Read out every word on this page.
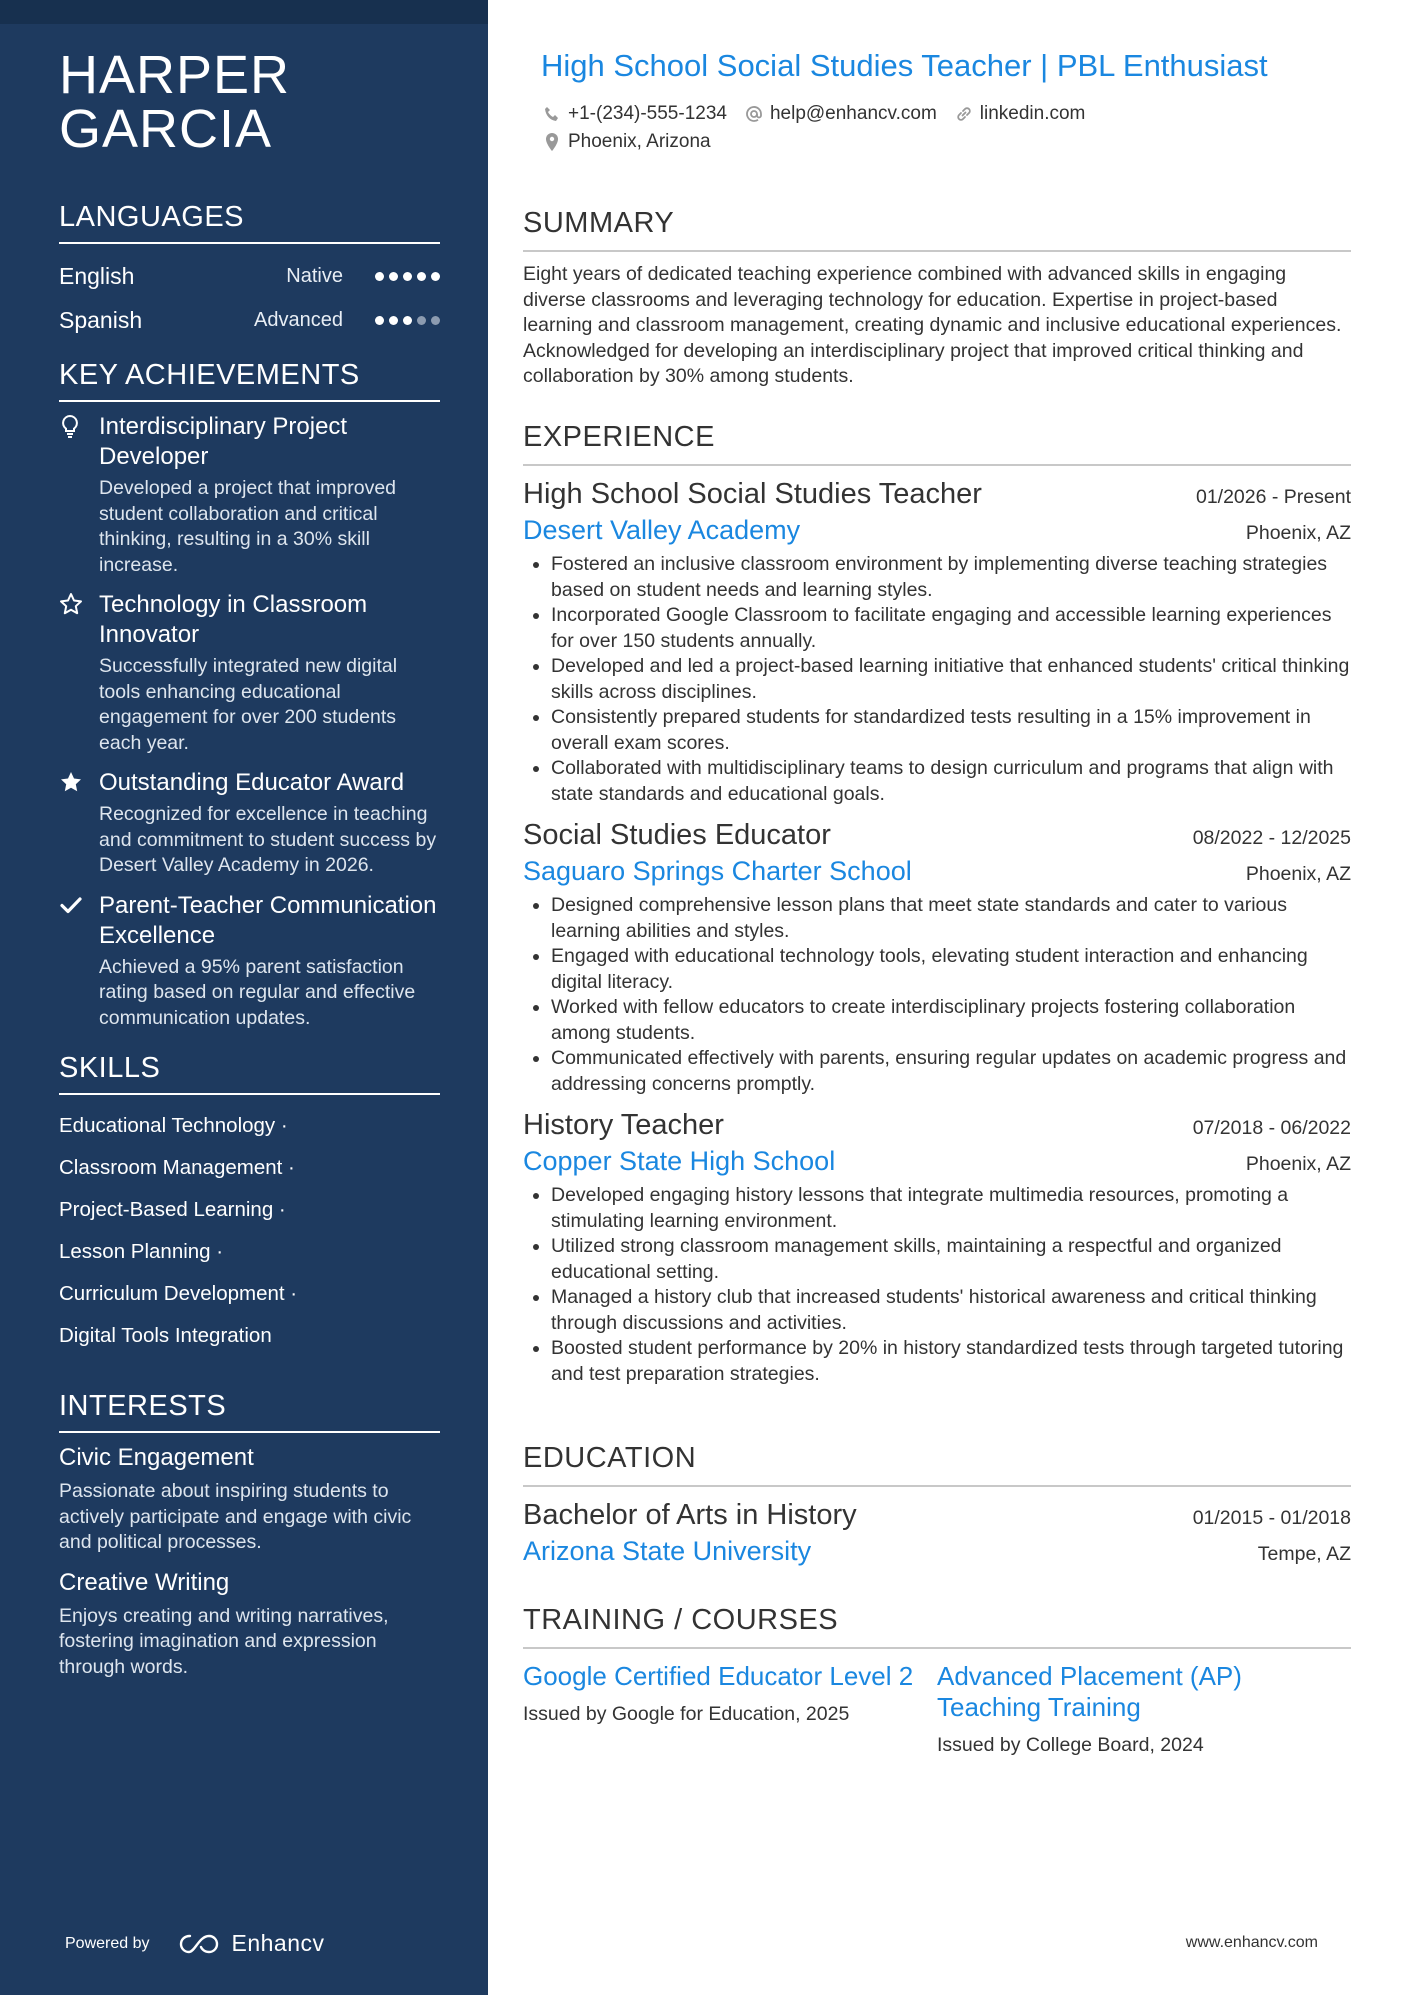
HARPER
GARCIA
LANGUAGES
English	Native
Spanish	Advanced
KEY ACHIEVEMENTS
Interdisciplinary Project Developer
Developed a project that improved student collaboration and critical thinking, resulting in a 30% skill increase.
Technology in Classroom Innovator
Successfully integrated new digital tools enhancing educational engagement for over 200 students each year.
Outstanding Educator Award
Recognized for excellence in teaching and commitment to student success by Desert Valley Academy in 2026.
Parent-Teacher Communication Excellence
Achieved a 95% parent satisfaction rating based on regular and effective communication updates.
SKILLS
Educational Technology ·
Classroom Management ·
Project-Based Learning ·
Lesson Planning ·
Curriculum Development ·
Digital Tools Integration
INTERESTS
Civic Engagement
Passionate about inspiring students to actively participate and engage with civic and political processes.
Creative Writing
Enjoys creating and writing narratives, fostering imagination and expression through words.
Powered by	Enhancv
High School Social Studies Teacher | PBL Enthusiast
+1-(234)-555-1234 help@enhancv.com linkedin.com
Phoenix, Arizona
SUMMARY
Eight years of dedicated teaching experience combined with advanced skills in engaging diverse classrooms and leveraging technology for education. Expertise in project-based learning and classroom management, creating dynamic and inclusive educational experiences. Acknowledged for developing an interdisciplinary project that improved critical thinking and collaboration by 30% among students.
EXPERIENCE
High School Social Studies Teacher	01/2026 - Present
Desert Valley Academy	Phoenix, AZ
• Fostered an inclusive classroom environment by implementing diverse teaching strategies based on student needs and learning styles.
• Incorporated Google Classroom to facilitate engaging and accessible learning experiences for over 150 students annually.
• Developed and led a project-based learning initiative that enhanced students' critical thinking skills across disciplines.
• Consistently prepared students for standardized tests resulting in a 15% improvement in overall exam scores.
• Collaborated with multidisciplinary teams to design curriculum and programs that align with state standards and educational goals.
Social Studies Educator	08/2022 - 12/2025
Saguaro Springs Charter School	Phoenix, AZ
• Designed comprehensive lesson plans that meet state standards and cater to various learning abilities and styles.
• Engaged with educational technology tools, elevating student interaction and enhancing digital literacy.
• Worked with fellow educators to create interdisciplinary projects fostering collaboration among students.
• Communicated effectively with parents, ensuring regular updates on academic progress and addressing concerns promptly.
History Teacher	07/2018 - 06/2022
Copper State High School	Phoenix, AZ
• Developed engaging history lessons that integrate multimedia resources, promoting a stimulating learning environment.
• Utilized strong classroom management skills, maintaining a respectful and organized educational setting.
• Managed a history club that increased students' historical awareness and critical thinking through discussions and activities.
• Boosted student performance by 20% in history standardized tests through targeted tutoring and test preparation strategies.
EDUCATION
Bachelor of Arts in History	01/2015 - 01/2018
Arizona State University	Tempe, AZ
TRAINING / COURSES
Google Certified Educator Level 2
Issued by Google for Education, 2025
Advanced Placement (AP) Teaching Training
Issued by College Board, 2024
www.enhancv.com
